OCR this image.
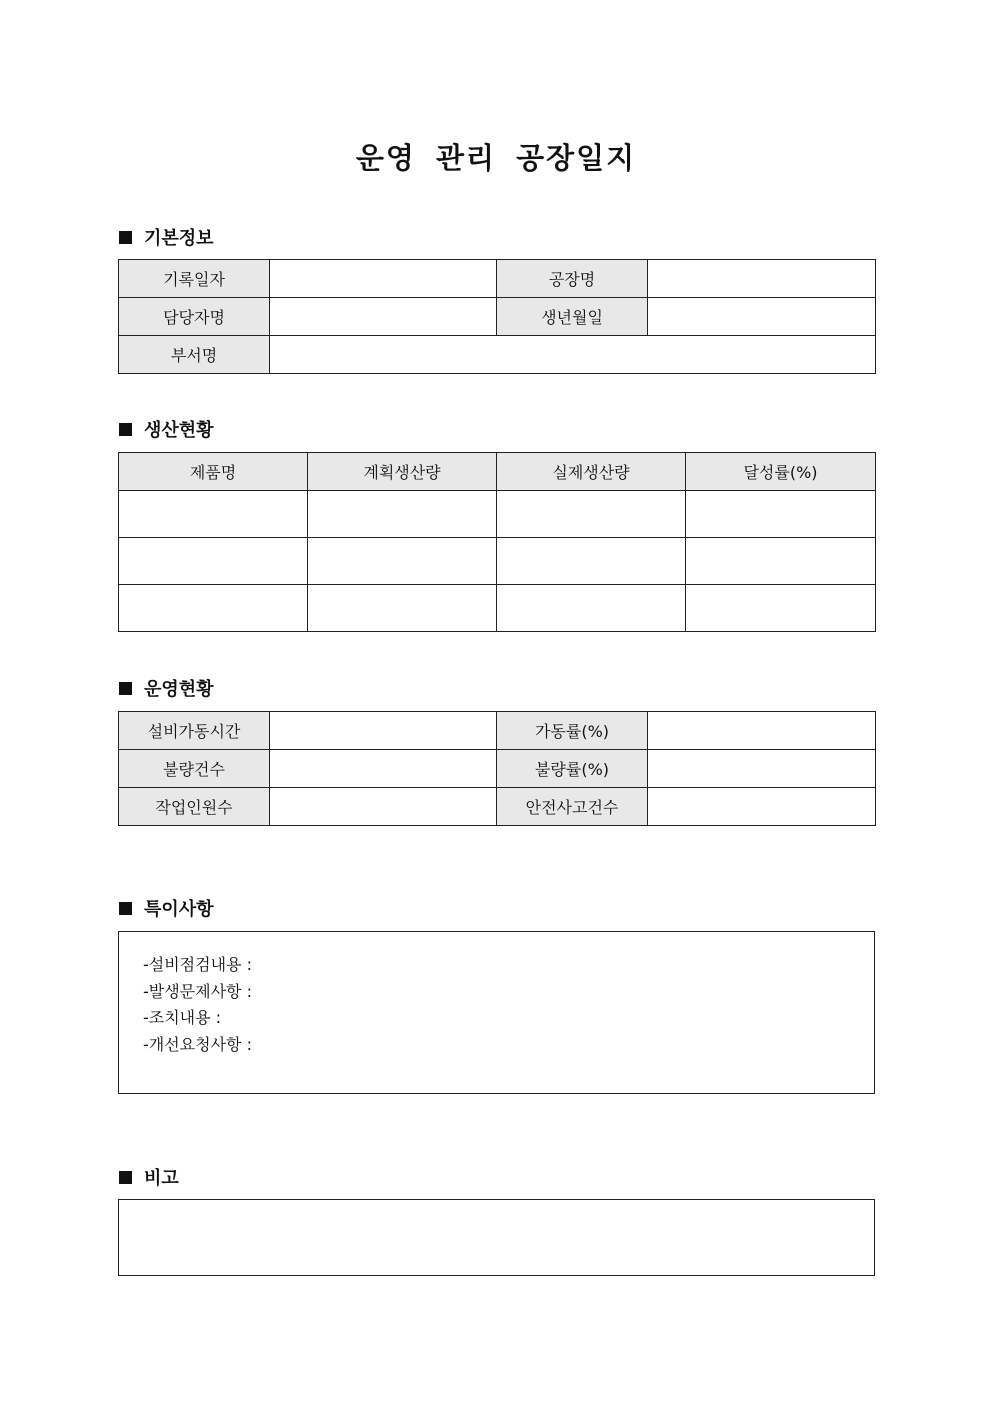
운영 관리 공장일지
기본정보
기록일자		공장명	
담당자명		생년월일	
부서명			
생산현황
제품명	계획생산량	실제생산량	달성률(%)

운영현황
설비가동시간		가동률(%)	
불량건수		불량률(%)	
작업인원수		안전사고건수	
특이사항
-설비점검내용 :
-발생문제사항 :
-조치내용 :
-개선요청사항 :
비고
